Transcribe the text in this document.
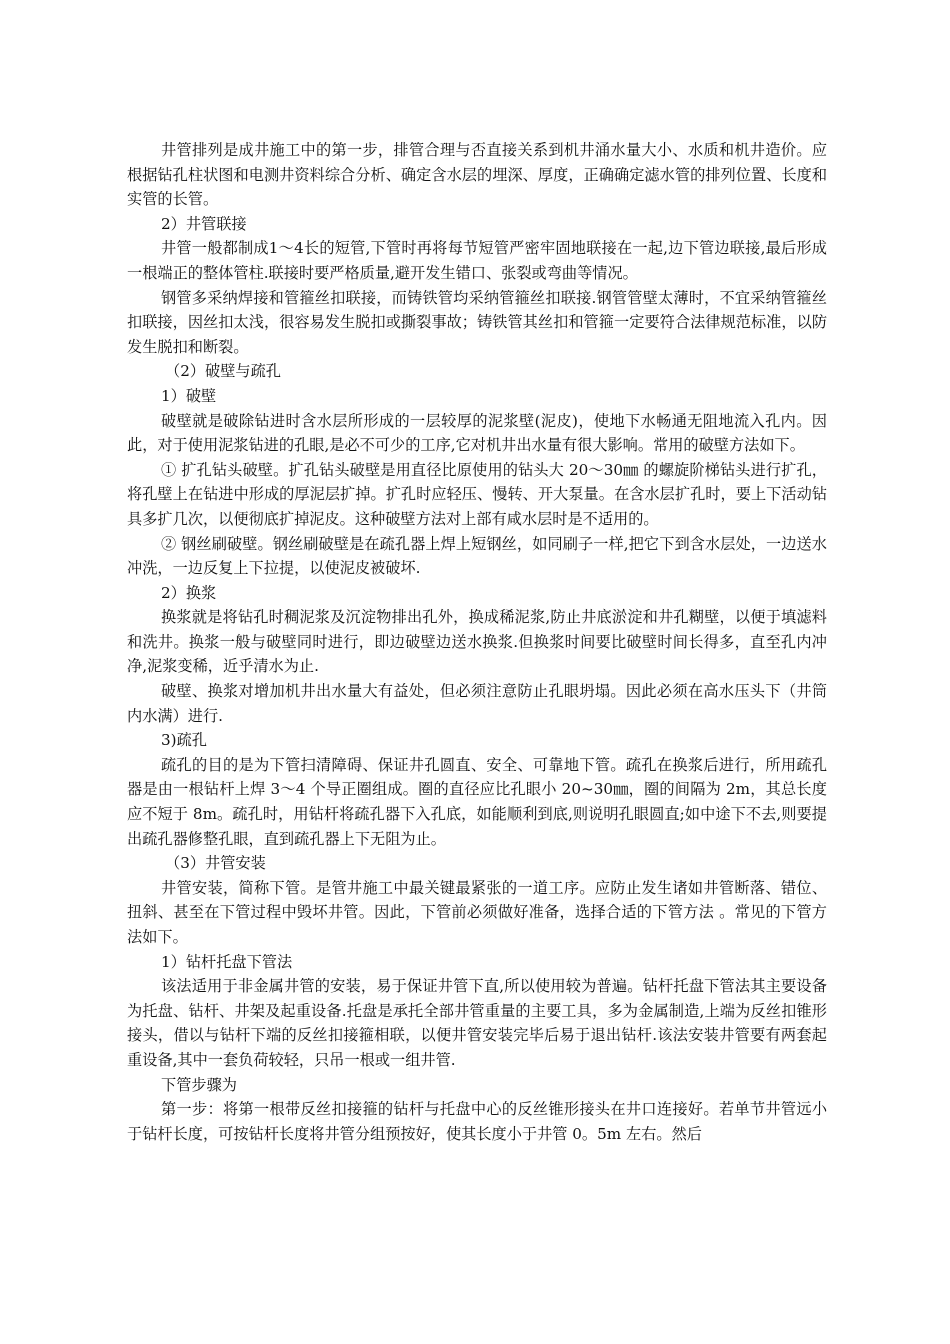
井管排列是成井施工中的第一步，排管合理与否直接关系到机井涌水量大小、水质和机井造价。应根据钻孔柱状图和电测井资料综合分析、确定含水层的埋深、厚度，正确确定滤水管的排列位置、长度和实管的长管。

2）井管联接

井管一般都制成1～4长的短管,下管时再将每节短管严密牢固地联接在一起,边下管边联接,最后形成一根端正的整体管柱.联接时要严格质量,避开发生错口、张裂或弯曲等情况。

钢管多采纳焊接和管箍丝扣联接，而铸铁管均采纳管箍丝扣联接.钢管管壁太薄时，不宜采纳管箍丝扣联接，因丝扣太浅，很容易发生脱扣或撕裂事故；铸铁管其丝扣和管箍一定要符合法律规范标准，以防发生脱扣和断裂。

（2）破壁与疏孔

1）破壁

破壁就是破除钻进时含水层所形成的一层较厚的泥浆壁(泥皮)，使地下水畅通无阻地流入孔内。因此，对于使用泥浆钻进的孔眼,是必不可少的工序,它对机井出水量有很大影响。常用的破壁方法如下。

① 扩孔钻头破壁。扩孔钻头破壁是用直径比原使用的钻头大 20～30㎜ 的螺旋阶梯钻头进行扩孔，将孔壁上在钻进中形成的厚泥层扩掉。扩孔时应轻压、慢转、开大泵量。在含水层扩孔时，要上下活动钻具多扩几次，以便彻底扩掉泥皮。这种破壁方法对上部有咸水层时是不适用的。

② 钢丝刷破壁。钢丝刷破壁是在疏孔器上焊上短钢丝，如同刷子一样,把它下到含水层处，一边送水冲洗，一边反复上下拉提，以使泥皮被破坏.

2）换浆

换浆就是将钻孔时稠泥浆及沉淀物排出孔外，换成稀泥浆,防止井底淤淀和井孔糊壁，以便于填滤料和洗井。换浆一般与破壁同时进行，即边破壁边送水换浆.但换浆时间要比破壁时间长得多，直至孔内冲净,泥浆变稀，近乎清水为止.

破壁、换浆对增加机井出水量大有益处，但必须注意防止孔眼坍塌。因此必须在高水压头下（井筒内水满）进行.

3)疏孔

疏孔的目的是为下管扫清障碍、保证井孔圆直、安全、可靠地下管。疏孔在换浆后进行，所用疏孔器是由一根钻杆上焊 3～4 个导正圈组成。圈的直径应比孔眼小 20~30㎜，圈的间隔为 2m，其总长度应不短于 8m。疏孔时，用钻杆将疏孔器下入孔底，如能顺利到底,则说明孔眼圆直;如中途下不去,则要提出疏孔器修整孔眼，直到疏孔器上下无阻为止。

（3）井管安装

井管安装，简称下管。是管井施工中最关键最紧张的一道工序。应防止发生诸如井管断落、错位、扭斜、甚至在下管过程中毁坏井管。因此，下管前必须做好准备，选择合适的下管方法 。常见的下管方法如下。

1）钻杆托盘下管法

该法适用于非金属井管的安装，易于保证井管下直,所以使用较为普遍。钻杆托盘下管法其主要设备为托盘、钻杆、井架及起重设备.托盘是承托全部井管重量的主要工具，多为金属制造,上端为反丝扣锥形接头，借以与钻杆下端的反丝扣接箍相联，以便井管安装完毕后易于退出钻杆.该法安装井管要有两套起重设备,其中一套负荷较轻，只吊一根或一组井管.

下管步骤为

第一步：将第一根带反丝扣接箍的钻杆与托盘中心的反丝锥形接头在井口连接好。若单节井管远小于钻杆长度，可按钻杆长度将井管分组预按好，使其长度小于井管 0。5m 左右。然后
